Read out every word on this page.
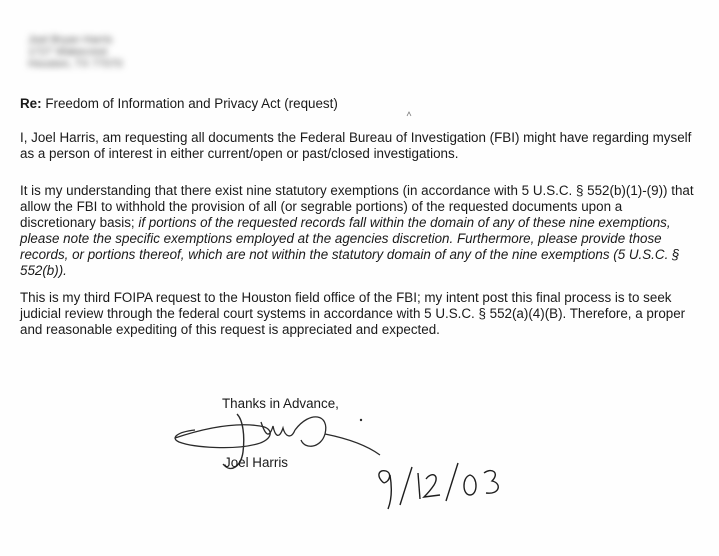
Joel Bryan Harris
1727 Wakecrest
Houston, TX 77070

Re: Freedom of Information and Privacy Act (request)

I, Joel Harris, am requesting all documents the Federal Bureau of Investigation (FBI) might have regarding myself as a person of interest in either current/open or past/closed investigations.

It is my understanding that there exist nine statutory exemptions (in accordance with 5 U.S.C. § 552(b)(1)-(9)) that allow the FBI to withhold the provision of all (or segrable portions) of the requested documents upon a discretionary basis; if portions of the requested records fall within the domain of any of these nine exemptions, please note the specific exemptions employed at the agencies discretion. Furthermore, please provide those records, or portions thereof, which are not within the statutory domain of any of the nine exemptions (5 U.S.C. § 552(b)).

This is my third FOIPA request to the Houston field office of the FBI; my intent post this final process is to seek judicial review through the federal court systems in accordance with 5 U.S.C. § 552(a)(4)(B). Therefore, a proper and reasonable expediting of this request is appreciated and expected.

Thanks in Advance,
Joel Harris
